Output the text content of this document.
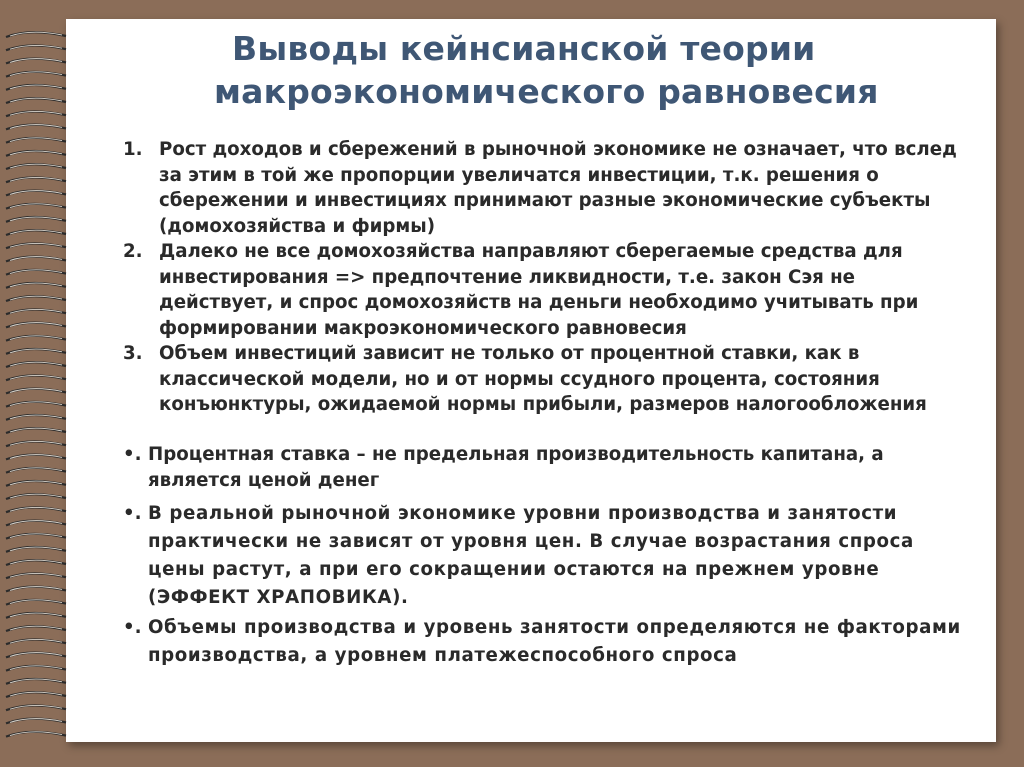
Выводы кейнсианской теории
макроэкономического равновесия
1. Рост доходов и сбережений в рыночной экономике не означает, что вслед за этим в той же пропорции увеличатся инвестиции, т.к. решения о сбережении и инвестициях принимают разные экономические субъекты (домохозяйства и фирмы)
2. Далеко не все домохозяйства направляют сберегаемые средства для инвестирования => предпочтение ликвидности, т.е. закон Сэя не действует, и спрос домохозяйств на деньги необходимо учитывать при формировании макроэкономического равновесия
3. Объем инвестиций зависит не только от процентной ставки, как в классической модели, но и от нормы ссудного процента, состояния конъюнктуры, ожидаемой нормы прибыли, размеров налогообложения
•. Процентная ставка – не предельная производительность капитана, а является ценой денег
•. В реальной рыночной экономике уровни производства и занятости практически не зависят от уровня цен. В случае возрастания спроса цены растут, а при его сокращении остаются на прежнем уровне (ЭФФЕКТ ХРАПОВИКА).
•. Объемы производства и уровень занятости определяются не факторами производства, а уровнем платежеспособного спроса
